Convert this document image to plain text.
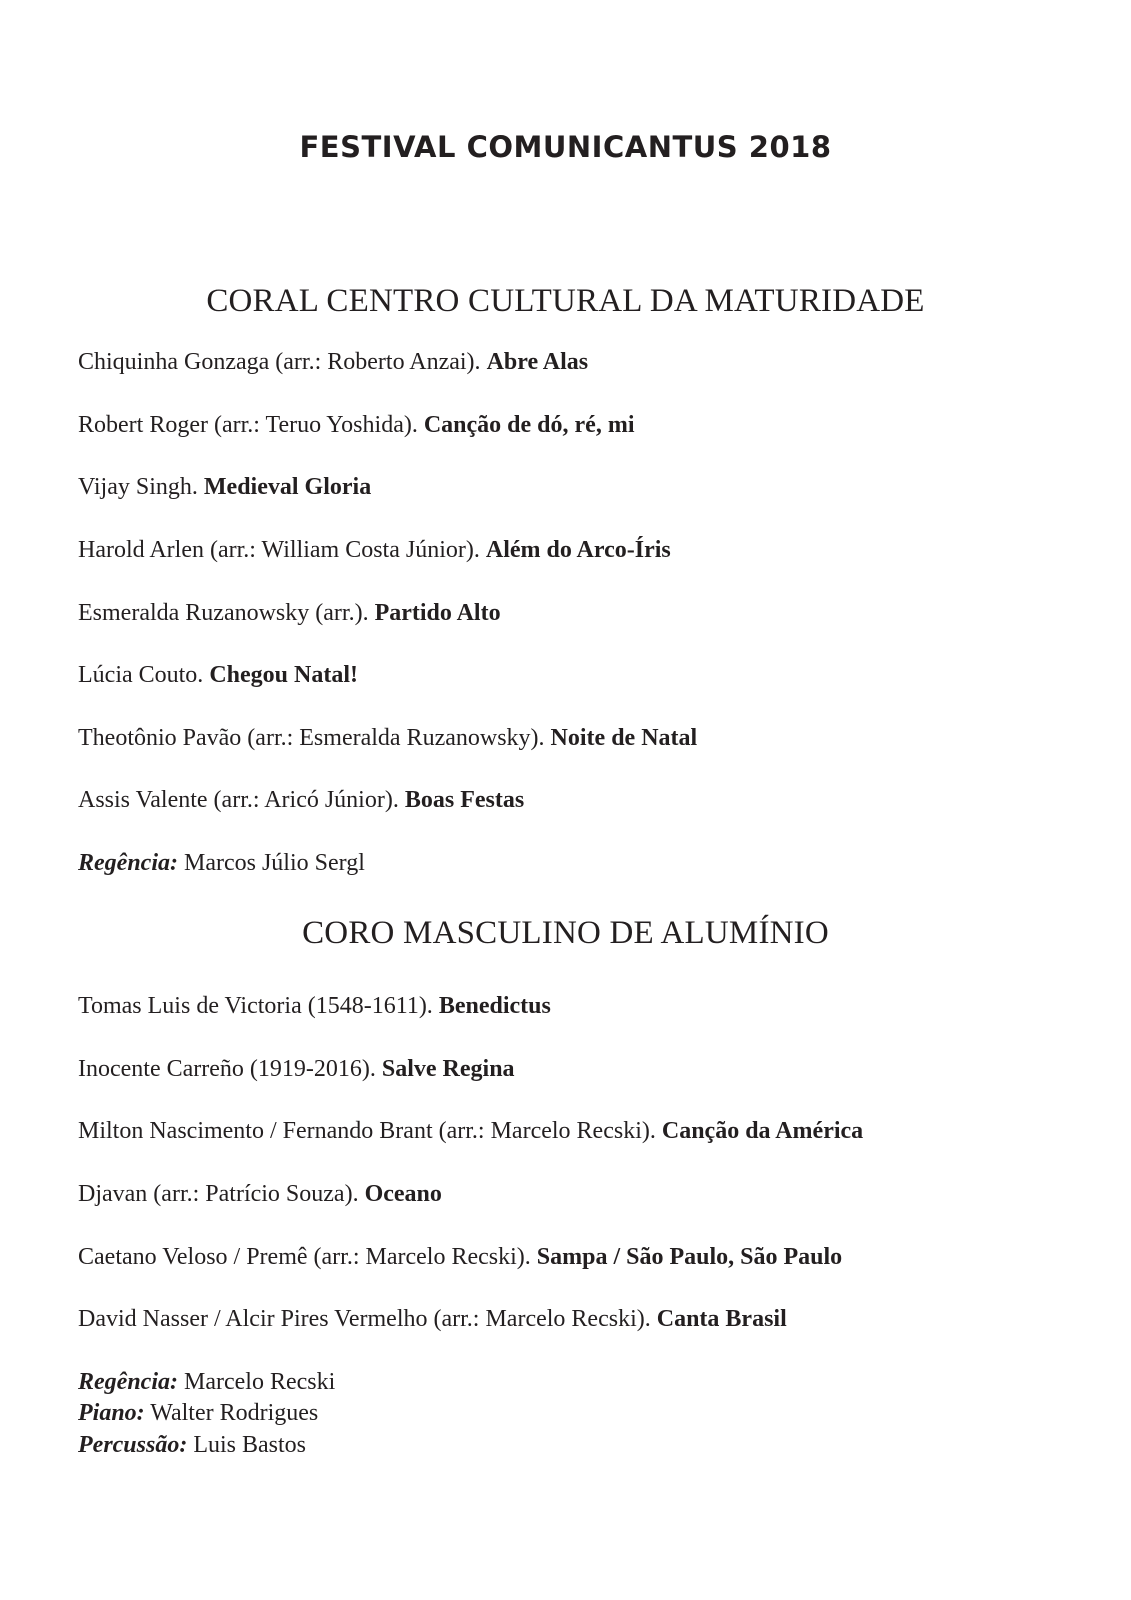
FESTIVAL COMUNICANTUS 2018
CORAL CENTRO CULTURAL DA MATURIDADE

Chiquinha Gonzaga (arr.: Roberto Anzai). Abre Alas

Robert Roger (arr.: Teruo Yoshida). Canção de dó, ré, mi

Vijay Singh. Medieval Gloria

Harold Arlen (arr.: William Costa Júnior). Além do Arco-Íris

Esmeralda Ruzanowsky (arr.). Partido Alto

Lúcia Couto. Chegou Natal!

Theotônio Pavão (arr.: Esmeralda Ruzanowsky). Noite de Natal

Assis Valente (arr.: Aricó Júnior). Boas Festas

Regência: Marcos Júlio Sergl

CORO MASCULINO DE ALUMÍNIO

Tomas Luis de Victoria (1548-1611). Benedictus

Inocente Carreño (1919-2016). Salve Regina

Milton Nascimento / Fernando Brant (arr.: Marcelo Recski). Canção da América

Djavan (arr.: Patrício Souza). Oceano

Caetano Veloso / Premê (arr.: Marcelo Recski). Sampa / São Paulo, São Paulo

David Nasser / Alcir Pires Vermelho (arr.: Marcelo Recski). Canta Brasil

Regência: Marcelo Recski

Piano: Walter Rodrigues

Percussão: Luis Bastos
